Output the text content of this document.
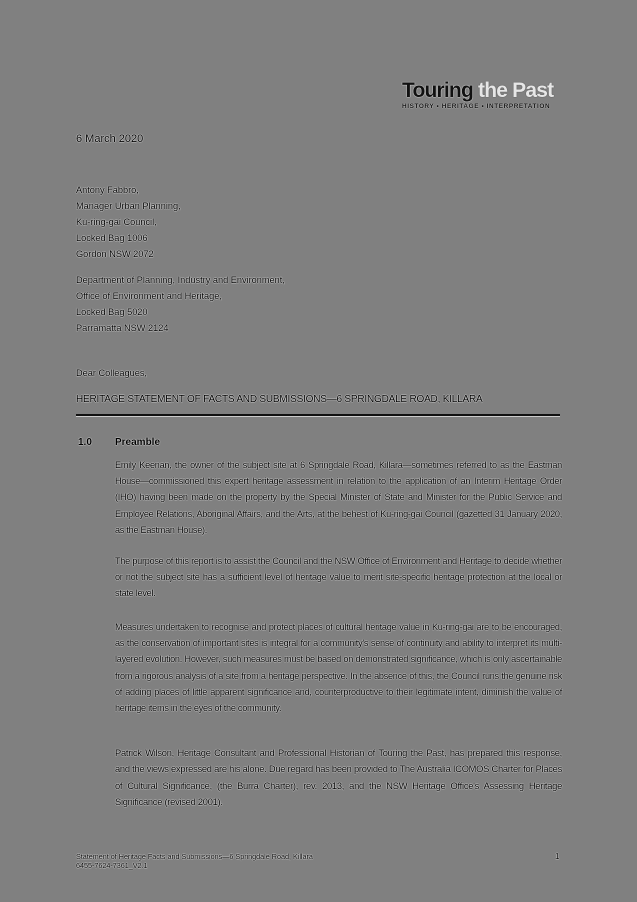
Touring the Past
HISTORY • HERITAGE • INTERPRETATION
6 March 2020
Antony Fabbro,
Manager Urban Planning,
Ku-ring-gai Council,
Locked Bag 1006
Gordon NSW 2072
Department of Planning, Industry and Environment,
Office of Environment and Heritage,
Locked Bag 5020
Parramatta NSW 2124
Dear Colleagues,
HERITAGE STATEMENT OF FACTS AND SUBMISSIONS—6 SPRINGDALE ROAD, KILLARA
1.0 Preamble
Emily Keenan, the owner of the subject site at 6 Springdale Road, Killara—sometimes referred to as the Eastman House—commissioned this expert heritage assessment in relation to the application of an Interim Heritage Order (IHO) having been made on the property by the Special Minister of State and Minister for the Public Service and Employee Relations, Aboriginal Affairs, and the Arts, at the behest of Ku-ring-gai Council (gazetted 31 January 2020, as the Eastman House).
The purpose of this report is to assist the Council and the NSW Office of Environment and Heritage to decide whether or not the subject site has a sufficient level of heritage value to merit site-specific heritage protection at the local or state level.
Measures undertaken to recognise and protect places of cultural heritage value in Ku-ring-gai are to be encouraged, as the conservation of important sites is integral for a community's sense of continuity and ability to interpret its multi-layered evolution. However, such measures must be based on demonstrated significance, which is only ascertainable from a rigorous analysis of a site from a heritage perspective. In the absence of this, the Council runs the genuine risk of adding places of little apparent significance and, counterproductive to their legitimate intent, diminish the value of heritage items in the eyes of the community.
Patrick Wilson, Heritage Consultant and Professional Historian of Touring the Past, has prepared this response, and the views expressed are his alone. Due regard has been provided to The Australia ICOMOS Charter for Places of Cultural Significance, (the Burra Charter), rev. 2013, and the NSW Heritage Office's Assessing Heritage Significance (revised 2001).
Statement of Heritage Facts and Submissions—6 Springdale Road, Killara
6455-7624-7361_V2.1
1
